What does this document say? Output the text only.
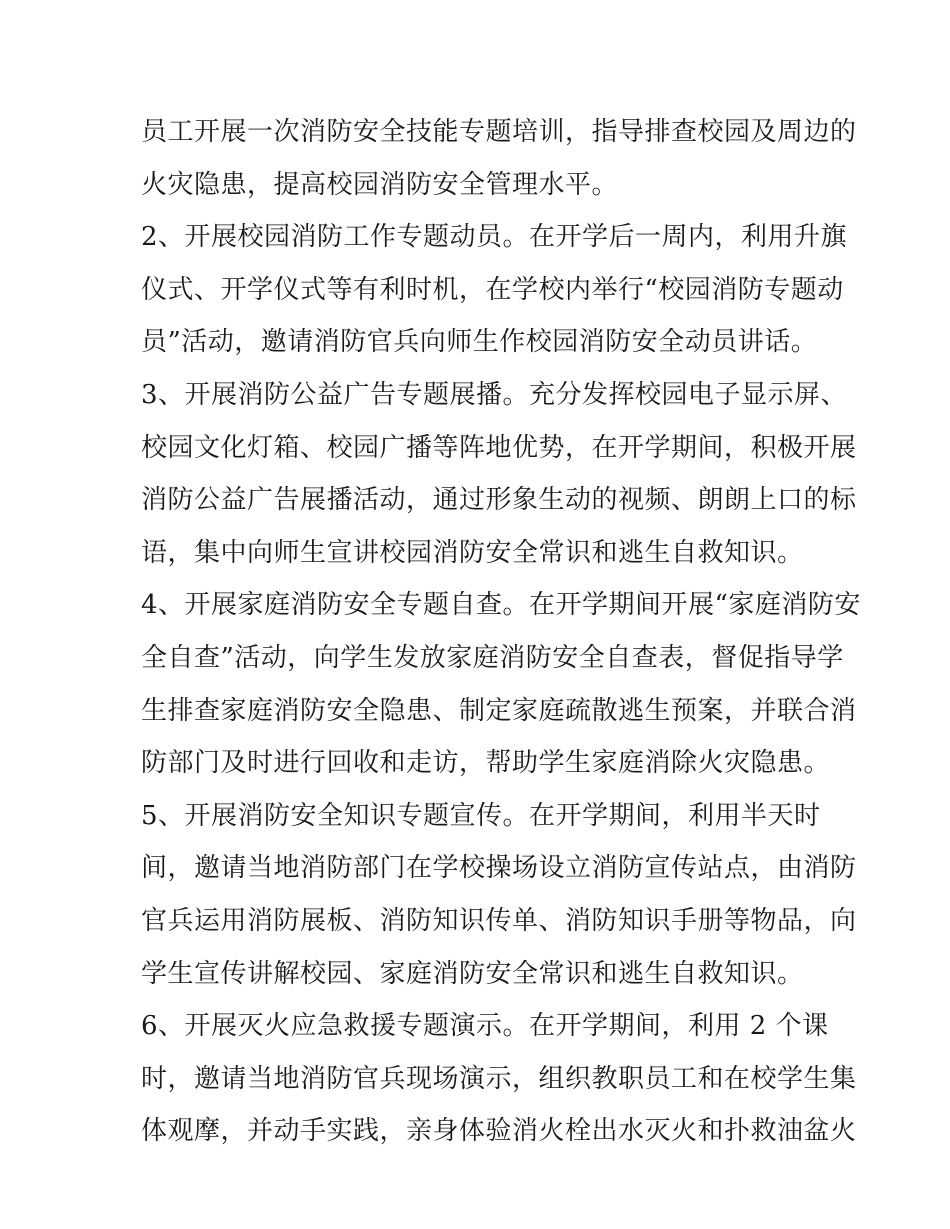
员工开展一次消防安全技能专题培训，指导排查校园及周边的
火灾隐患，提高校园消防安全管理水平。
2、开展校园消防工作专题动员。在开学后一周内，利用升旗
仪式、开学仪式等有利时机，在学校内举行“校园消防专题动
员”活动，邀请消防官兵向师生作校园消防安全动员讲话。
3、开展消防公益广告专题展播。充分发挥校园电子显示屏、
校园文化灯箱、校园广播等阵地优势，在开学期间，积极开展
消防公益广告展播活动，通过形象生动的视频、朗朗上口的标
语，集中向师生宣讲校园消防安全常识和逃生自救知识。
4、开展家庭消防安全专题自查。在开学期间开展“家庭消防安
全自查”活动，向学生发放家庭消防安全自查表，督促指导学
生排查家庭消防安全隐患、制定家庭疏散逃生预案，并联合消
防部门及时进行回收和走访，帮助学生家庭消除火灾隐患。
5、开展消防安全知识专题宣传。在开学期间，利用半天时
间，邀请当地消防部门在学校操场设立消防宣传站点，由消防
官兵运用消防展板、消防知识传单、消防知识手册等物品，向
学生宣传讲解校园、家庭消防安全常识和逃生自救知识。
6、开展灭火应急救援专题演示。在开学期间，利用 2 个课
时，邀请当地消防官兵现场演示，组织教职员工和在校学生集
体观摩，并动手实践，亲身体验消火栓出水灭火和扑救油盆火
